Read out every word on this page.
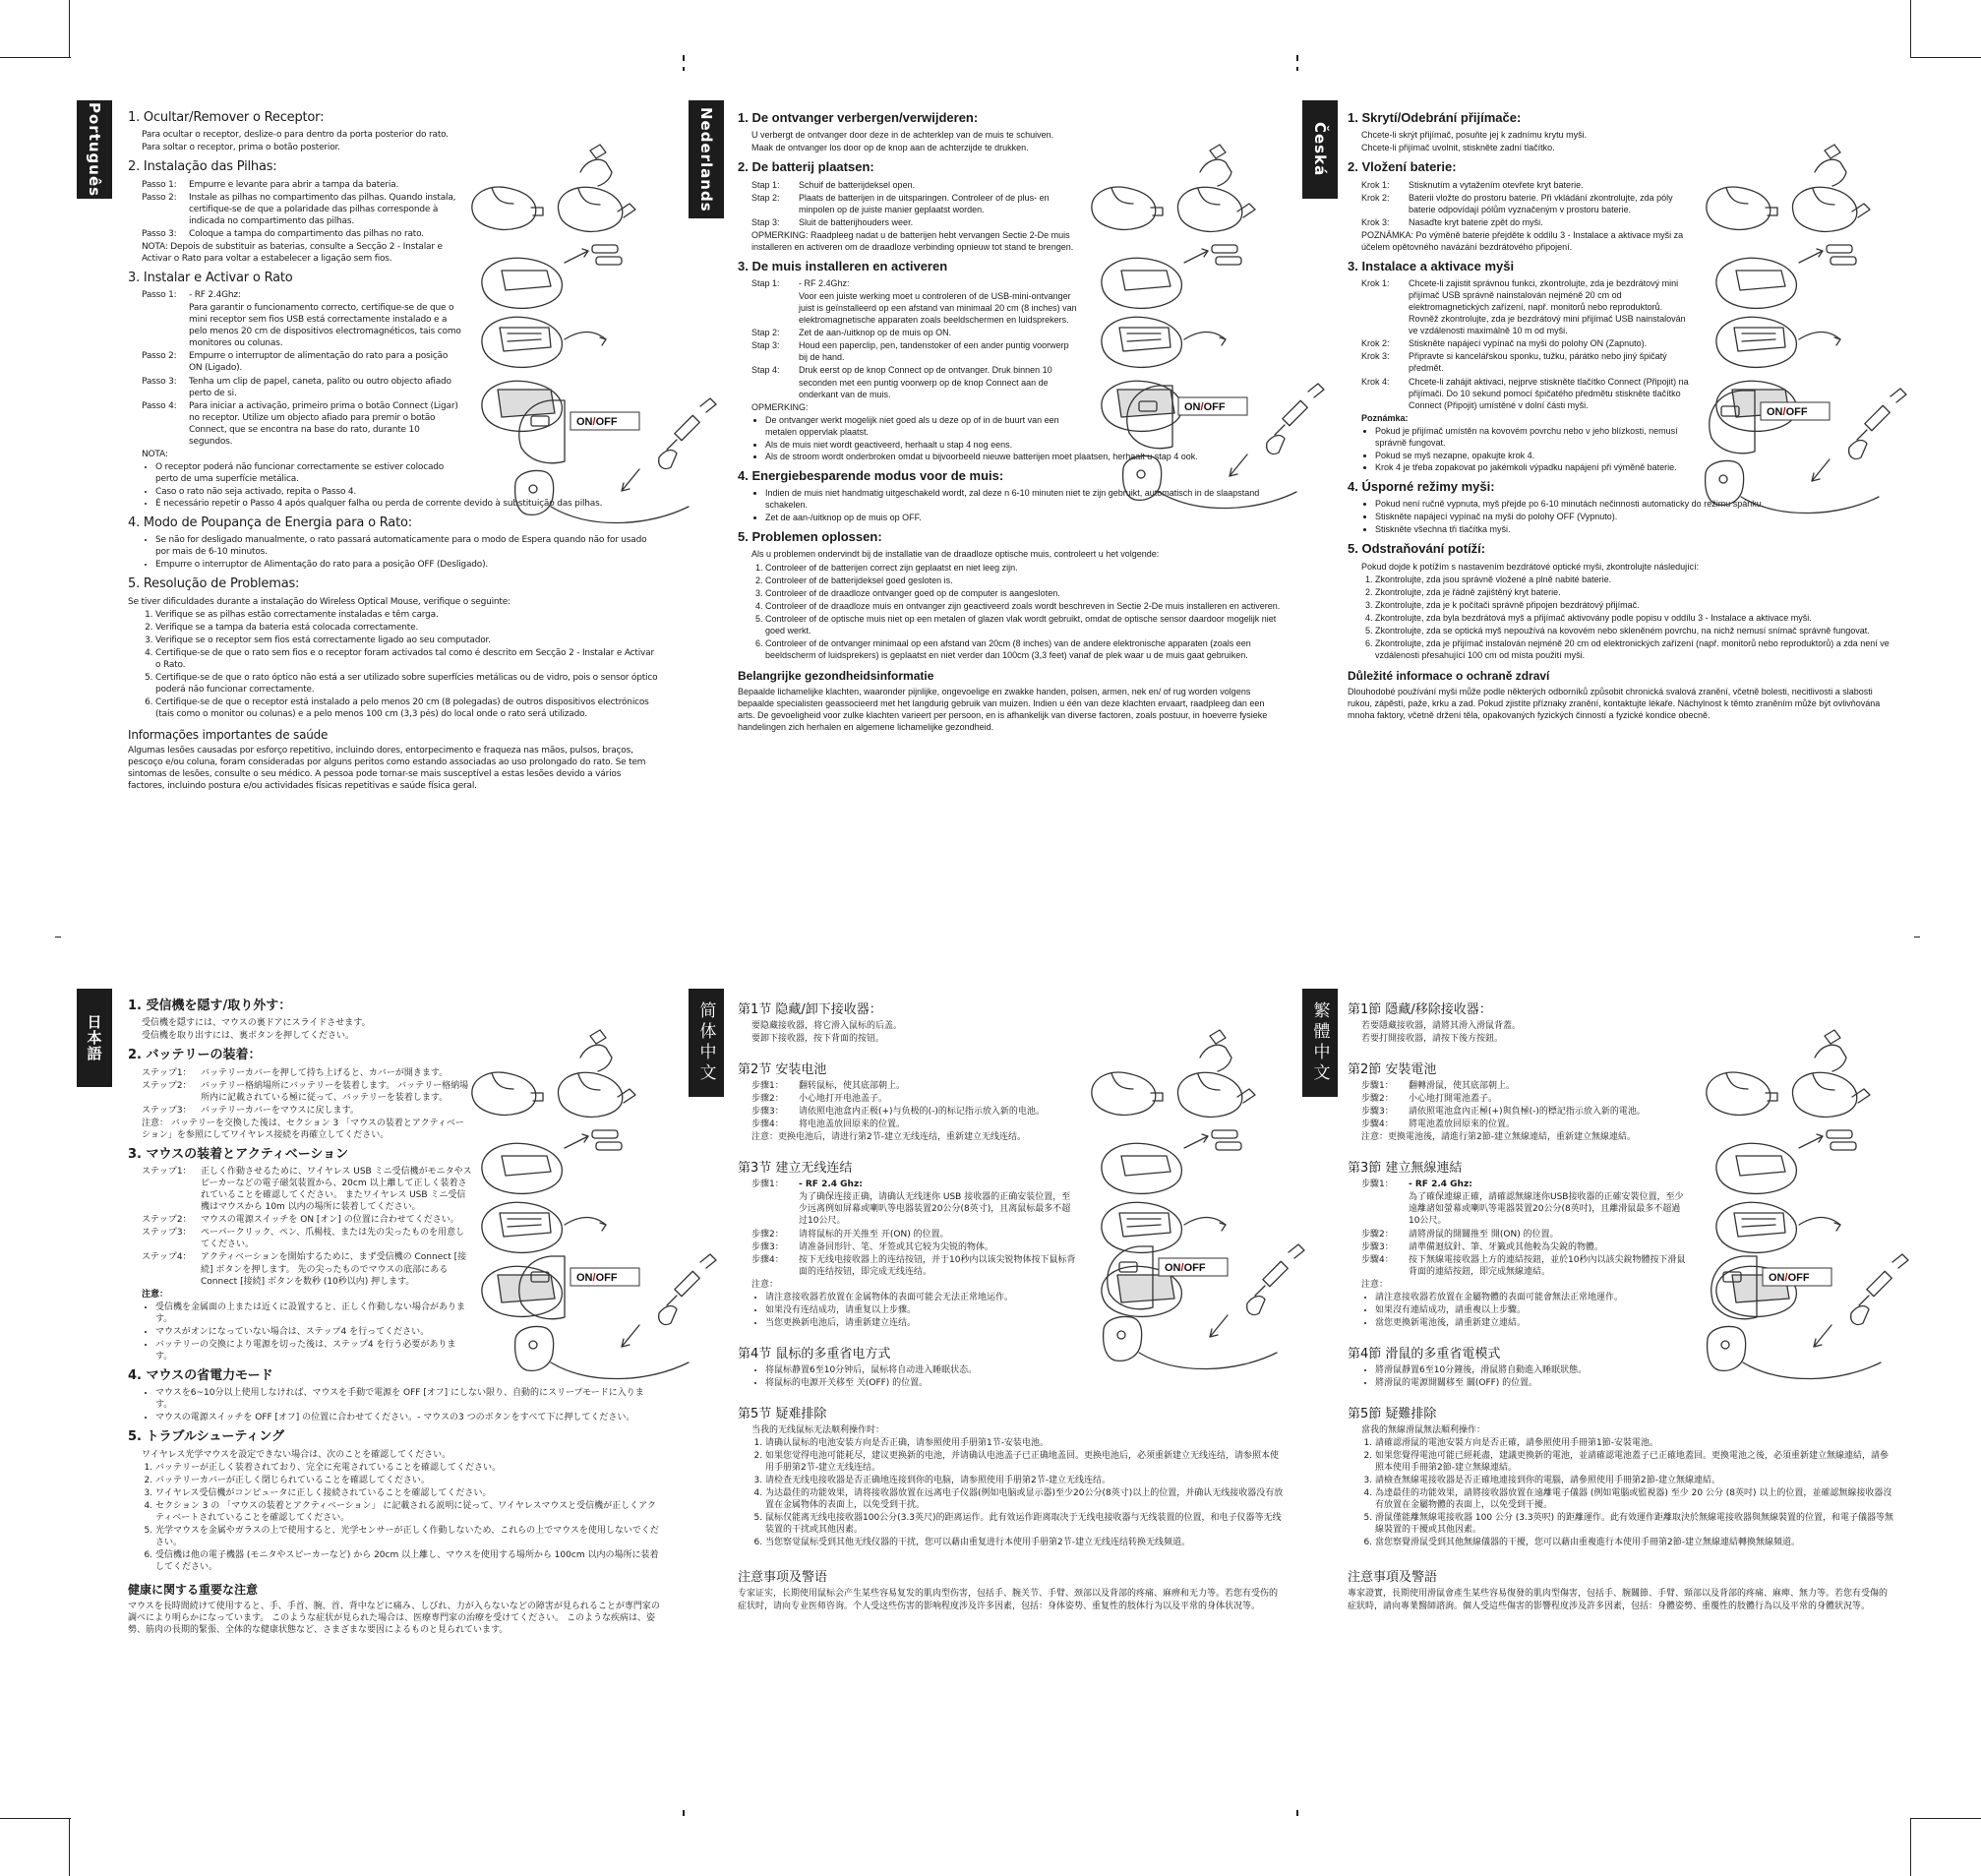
Português 1. Ocultar/Remover o Receptor:
Para ocultar o receptor, deslize-o para dentro da porta posterior do rato.
Para soltar o receptor, prima o botão posterior.
2. Instalação das Pilhas:
Passo 1:	Empurre e levante para abrir a tampa da bateria.
Passo 2:	Instale as pilhas no compartimento das pilhas. Quando instala, certifique-se de que a polaridade das pilhas corresponde à indicada no compartimento das pilhas.
Passo 3:	Coloque a tampa do compartimento das pilhas no rato.
NOTA: Depois de substituir as baterias, consulte a Secção 2 - Instalar e Activar o Rato para voltar a estabelecer a ligação sem fios.
3. Instalar e Activar o Rato
Passo 1:	- RF 2.4Ghz:
Para garantir o funcionamento correcto, certifique-se de que o mini receptor sem fios USB está correctamente instalado e a pelo menos 20 cm de dispositivos electromagnéticos, tais como monitores ou colunas.
Passo 2:	Empurre o interruptor de alimentação do rato para a posição ON (Ligado).
Passo 3:	Tenha um clip de papel, caneta, palito ou outro objecto afiado perto de si.
Passo 4:	Para iniciar a activação, primeiro prima o botão Connect (Ligar) no receptor. Utilize um objecto afiado para premir o botão Connect, que se encontra na base do rato, durante 10 segundos.
NOTA:
• O receptor poderá não funcionar correctamente se estiver colocado perto de uma superfície metálica.
• Caso o rato não seja activado, repita o Passo 4.
• É necessário repetir o Passo 4 após qualquer falha ou perda de corrente devido à substituição das pilhas.
4. Modo de Poupança de Energia para o Rato:
• Se não for desligado manualmente, o rato passará automaticamente para o modo de Espera quando não for usado por mais de 6-10 minutos.
• Empurre o interruptor de Alimentação do rato para a posição OFF (Desligado).
5. Resolução de Problemas:
Se tiver dificuldades durante a instalação do Wireless Optical Mouse, verifique o seguinte:
1. Verifique se as pilhas estão correctamente instaladas e têm carga.
2. Verifique se a tampa da bateria está colocada correctamente.
3. Verifique se o receptor sem fios está correctamente ligado ao seu computador.
4. Certifique-se de que o rato sem fios e o receptor foram activados tal como é descrito em Secção 2 - Instalar e Activar o Rato.
5. Certifique-se de que o rato óptico não está a ser utilizado sobre superfícies metálicas ou de vidro, pois o sensor óptico poderá não funcionar correctamente.
6. Certifique-se de que o receptor está instalado a pelo menos 20 cm (8 polegadas) de outros dispositivos electrónicos (tais como o monitor ou colunas) e a pelo menos 100 cm (3,3 pés) do local onde o rato será utilizado.
Informações importantes de saúde
Algumas lesões causadas por esforço repetitivo, incluindo dores, entorpecimento e fraqueza nas mãos, pulsos, braços, pescoço e/ou coluna, foram consideradas por alguns peritos como estando associadas ao uso prolongado do rato. Se tem sintomas de lesões, consulte o seu médico. A pessoa pode tornar-se mais susceptível a estas lesões devido a vários factores, incluindo postura e/ou actividades físicas repetitivas e saúde física geral.
Nederlands 1. De ontvanger verbergen/verwijderen:
U verbergt de ontvanger door deze in de achterklep van de muis te schuiven.
Maak de ontvanger los door op de knop aan de achterzijde te drukken.
2. De batterij plaatsen:
Stap 1:	Schuif de batterijdeksel open.
Stap 2:	Plaats de batterijen in de uitsparingen. Controleer of de plus- en minpolen op de juiste manier geplaatst worden.
Stap 3:	Sluit de batterijhouders weer.
OPMERKING: Raadpleeg nadat u de batterijen hebt vervangen Sectie 2-De muis installeren en activeren om de draadloze verbinding opnieuw tot stand te brengen.
3. De muis installeren en activeren
Stap 1:	- RF 2.4Ghz:
Voor een juiste werking moet u controleren of de USB-mini-ontvanger juist is geïnstalleerd op een afstand van minimaal 20 cm (8 inches) van elektromagnetische apparaten zoals beeldschermen en luidsprekers.
Stap 2:	Zet de aan-/uitknop op de muis op ON.
Stap 3:	Houd een paperclip, pen, tandenstoker of een ander puntig voorwerp bij de hand.
Stap 4:	Druk eerst op de knop Connect op de ontvanger. Druk binnen 10 seconden met een puntig voorwerp op de knop Connect aan de onderkant van de muis.
OPMERKING:
• De ontvanger werkt mogelijk niet goed als u deze op of in de buurt van een metalen oppervlak plaatst.
• Als de muis niet wordt geactiveerd, herhaalt u stap 4 nog eens.
• Als de stroom wordt onderbroken omdat u bijvoorbeeld nieuwe batterijen moet plaatsen, herhaalt u stap 4 ook.
4. Energiebesparende modus voor de muis:
• Indien de muis niet handmatig uitgeschakeld wordt, zal deze n 6-10 minuten niet te zijn gebruikt, automatisch in de slaapstand schakelen.
• Zet de aan-/uitknop op de muis op OFF.
5. Problemen oplossen:
Als u problemen ondervindt bij de installatie van de draadloze optische muis, controleert u het volgende:
1. Controleer of de batterijen correct zijn geplaatst en niet leeg zijn.
2. Controleer of de batterijdeksel goed gesloten is.
3. Controleer of de draadloze ontvanger goed op de computer is aangesloten.
4. Controleer of de draadloze muis en ontvanger zijn geactiveerd zoals wordt beschreven in Sectie 2-De muis installeren en activeren.
5. Controleer of de optische muis niet op een metalen of glazen vlak wordt gebruikt, omdat de optische sensor daardoor mogelijk niet goed werkt.
6. Controleer of de ontvanger minimaal op een afstand van 20cm (8 inches) van de andere elektronische apparaten (zoals een beeldscherm of luidsprekers) is geplaatst en niet verder dan 100cm (3,3 feet) vanaf de plek waar u de muis gaat gebruiken.
Belangrijke gezondheidsinformatie
Bepaalde lichamelijke klachten, waaronder pijnlijke, ongevoelige en zwakke handen, polsen, armen, nek en/ of rug worden volgens bepaalde specialisten geassocieerd met het langdurig gebruik van muizen. Indien u één van deze klachten ervaart, raadpleeg dan een arts. De gevoeligheid voor zulke klachten varieert per persoon, en is afhankelijk van diverse factoren, zoals postuur, in hoeverre fysieke handelingen zich herhalen en algemene lichamelijke gezondheid.
Česká
1. Skrytí/Odebrání přijímače:
Chcete-li skrýt přijímač, posuňte jej k zadnímu krytu myši.
Chcete-li přijímač uvolnit, stiskněte zadní tlačítko.
2. Vložení baterie:
Krok 1:	Stisknutím a vytažením otevřete kryt baterie.
Krok 2:	Baterii vložte do prostoru baterie. Při vkládání zkontrolujte, zda póly baterie odpovídají pólům vyznačeným v prostoru baterie.
Krok 3:	Nasaďte kryt baterie zpět do myši.
POZNÁMKA: Po výměně baterie přejděte k oddílu 3 - Instalace a aktivace myši za účelem opětovného navázání bezdrátového připojení.
3. Instalace a aktivace myši
Krok 1:	Chcete-li zajistit správnou funkci, zkontrolujte, zda je bezdrátový mini přijímač USB správně nainstalován nejméně 20 cm od elektromagnetických zařízení, např. monitorů nebo reproduktorů. Rovněž zkontrolujte, zda je bezdrátový mini přijímač USB nainstalován ve vzdálenosti maximálně 10 m od myši.
Krok 2:	Stiskněte napájecí vypínač na myši do polohy ON (Zapnuto).
Krok 3:	Připravte si kancelářskou sponku, tužku, párátko nebo jiný špičatý předmět.
Krok 4:	Chcete-li zahájit aktivaci, nejprve stiskněte tlačítko Connect (Připojit) na přijímači. Do 10 sekund pomocí špičatého předmětu stiskněte tlačítko Connect (Připojit) umístěné v dolní části myši.
Poznámka:
• Pokud je přijímač umístěn na kovovém povrchu nebo v jeho blízkosti, nemusí správně fungovat.
• Pokud se myš nezapne, opakujte krok 4.
• Krok 4 je třeba zopakovat po jakémkoli výpadku napájení při výměně baterie.
4. Úsporné režimy myši:
• Pokud není ručně vypnuta, myš přejde po 6-10 minutách nečinnosti automaticky do režimu spánku.
• Stiskněte napájecí vypínač na myši do polohy OFF (Vypnuto).
• Stiskněte všechna tři tlačítka myši.
5. Odstraňování potíží:
Pokud dojde k potížím s nastavením bezdrátové optické myši, zkontrolujte následující:
1. Zkontrolujte, zda jsou správně vložené a plně nabité baterie.
2. Zkontrolujte, zda je řádně zajištěný kryt baterie.
3. Zkontrolujte, zda je k počítači správně připojen bezdrátový přijímač.
4. Zkontrolujte, zda byla bezdrátová myš a přijímač aktivovány podle popisu v oddílu 3 - Instalace a aktivace myši.
5. Zkontrolujte, zda se optická myš nepoužívá na kovovém nebo skleněném povrchu, na nichž nemusí snímač správně fungovat.
6. Zkontrolujte, zda je přijímač instalován nejméně 20 cm od elektronických zařízení (např. monitorů nebo reproduktorů) a zda není ve vzdálenosti přesahující 100 cm od místa použití myši.
Důležité informace o ochraně zdraví
Dlouhodobé používání myši může podle některých odborníků způsobit chronická svalová zranění, včetně bolesti, necitlivosti a slabosti rukou, zápěstí, paže, krku a zad. Pokud zjistíte příznaky zranění, kontaktujte lékaře. Náchylnost k těmto zraněním může být ovlivňována mnoha faktory, včetně držení těla, opakovaných fyzických činností a fyzické kondice obecně.
日本語
1. 受信機を隠す/取り外す：
受信機を隠すには、マウスの裏ドアにスライドさせます。
受信機を取り出すには、裏ボタンを押してください。
2. バッテリーの装着：
ステップ1：	バッテリーカバーを押して持ち上げると、カバーが開きます。
ステップ2：	バッテリー格納場所にバッテリーを装着します。 バッテリー格納場所内に記載されている極に従って、バッテリーを装着します。
ステップ3：	バッテリーカバーをマウスに戻します。
注意： バッテリーを交換した後は、セクション 3 「マウスの装着とアクティベーション」を参照にしてワイヤレス接続を再確立してください。
3. マウスの装着とアクティベーション
ステップ1：	正しく作動させるために、ワイヤレス USB ミニ受信機がモニタやスピーカーなどの電子磁気装置から、20cm 以上離して正しく装着されていることを確認してください。 またワイヤレス USB ミニ受信機はマウスから 10m 以内の場所に装着してください。
ステップ2：	マウスの電源スイッチを ON [オン] の位置に合わせてください。
ステップ3：	ペーパークリック、ペン、爪楊枝、または先の尖ったものを用意してください。
ステップ4：	アクティベーションを開始するために、まず受信機の Connect [接続] ボタンを押します。 先の尖ったものでマウスの底部にある Connect [接続] ボタンを数秒 (10秒以内) 押します。
注意：
• 受信機を金属面の上または近くに設置すると、正しく作動しない場合があります。
• マウスがオンになっていない場合は、ステップ4 を行ってください。
• バッテリーの交換により電源を切った後は、ステップ4 を行う必要があります。
4. マウスの省電力モード
• マウスを6~10分以上使用しなければ、マウスを手動で電源を OFF [オフ] にしない限り、自動的にスリープモードに入ります。
• マウスの電源スイッチを OFF [オフ] の位置に合わせてください。- マウスの3 つのボタンをすべて下に押してください。
5. トラブルシューティング
ワイヤレス光学マウスを設定できない場合は、次のことを確認してください。
1. バッテリーが正しく装着されており、完全に充電されていることを確認してください。
2. バッテリーカバーが正しく閉じられていることを確認してください。
3. ワイヤレス受信機がコンピュータに正しく接続されていることを確認してください。
4. セクション 3 の 「マウスの装着とアクティベーション」 に記載される説明に従って、ワイヤレスマウスと受信機が正しくアクティベートされていることを確認してください。
5. 光学マウスを金属やガラスの上で使用すると、光学センサーが正しく作動しないため、これらの上でマウスを使用しないでください。
6. 受信機は他の電子機器 (モニタやスピーカーなど) から 20cm 以上離し、マウスを使用する場所から 100cm 以内の場所に装着してください。
健康に関する重要な注意
マウスを長時間続けて使用すると、手、手首、腕、首、背中などに痛み、しびれ、力が入らないなどの障害が見られることが専門家の調べにより明らかになっています。 このような症状が見られた場合は、医療専門家の治療を受けてください。 このような疾病は、姿勢、筋肉の長期的緊張、全体的な健康状態など、さまざまな要因によるものと見られています。
简体中文 第1节 隐藏/卸下接收器：
要隐藏接收器，将它滑入鼠标的后盖。
要卸下接收器，按下背面的按钮。
第2节 安装电池
步骤1：	翻转鼠标，使其底部朝上。
步骤2：	小心地打开电池盖子。
步骤3：	请依照电池盒内正极(+)与负极的(-)的标记指示放入新的电池。
步骤4：	将电池盖放回原来的位置。
注意：更换电池后，请进行第2节-建立无线连结，重新建立无线连结。
第3节 建立无线连结
步骤1：	- RF 2.4 Ghz:
为了确保连接正确，请确认无线迷你 USB 接收器的正确安装位置，至少远离例如屏幕或喇叭等电器装置20公分(8英寸)，且离鼠标最多不超过10公尺。
步骤2：	请将鼠标的开关推至 开(ON) 的位置。
步骤3：	请准备回形针、笔、牙签或其它较为尖锐的物体。
步骤4：	按下无线电接收器上的连结按钮，并于10秒内以该尖锐物体按下鼠标背面的连结按钮，即完成无线连结。
注意：
• 请注意接收器若放置在金属物体的表面可能会无法正常地运作。
• 如果没有连结成功，请重复以上步骤。
• 当您更换新电池后，请重新建立连结。
第4节 鼠标的多重省电方式
• 将鼠标静置6至10分钟后，鼠标将自动进入睡眠状态。
• 将鼠标的电源开关移至 关(OFF) 的位置。
第5节 疑难排除
当我的无线鼠标无法顺利操作时：
1. 请确认鼠标的电池安装方向是否正确，请参照使用手册第1节-安装电池。
2. 如果您觉得电池可能耗尽，建议更换新的电池，并请确认电池盖子已正确地盖回。更换电池后，必须重新建立无线连结，请参照本使用手册第2节-建立无线连结。
3. 请检查无线电接收器是否正确地连接到你的电脑，请参照使用手册第2节-建立无线连结。
4. 为达最佳的功能效果，请将接收器放置在远离电子仪器(例如电脑或显示器)至少20公分(8英寸)以上的位置，并确认无线接收器没有放置在金属物体的表面上，以免受到干扰。
5. 鼠标仅能离无线电接收器100公分(3.3英尺)的距离运作。此有效运作距离取决于无线电接收器与无线装置的位置，和电子仪器等无线装置的干扰或其他因素。
6. 当您察觉鼠标受到其他无线仪器的干扰，您可以藉由重复进行本使用手册第2节-建立无线连结转换无线频道。
注意事项及警语
专家证实，长期使用鼠标会产生某些容易复发的肌肉型伤害，包括手、腕关节、手臂、颈部以及背部的疼痛、麻痹和无力等。若您有受伤的症状时，请向专业医师咨询。个人受这些伤害的影响程度涉及许多因素，包括：身体姿势、重复性的肢体行为以及平常的身体状况等。
繁體中文 第1節 隱藏/移除接收器：
若要隱藏接收器，請將其滑入滑鼠背蓋。
若要打開接收器，請按下後方按鈕。
第2節 安裝電池
步驟1：	翻轉滑鼠，使其底部朝上。
步驟2：	小心地打開電池蓋子。
步驟3：	請依照電池盒內正極(+)與負極(-)的標記指示放入新的電池。
步驟4：	將電池蓋放回原來的位置。
注意：更換電池後，請進行第2節-建立無線連結，重新建立無線連結。
第3節 建立無線連結
步驟1：	- RF 2.4 Ghz:
為了確保連線正確，請確認無線迷你USB接收器的正確安裝位置，至少遠離諸如螢幕或喇叭等電器裝置20公分(8英吋)，且離滑鼠最多不超過10公尺。
步驟2：	請將滑鼠的開關推至 開(ON) 的位置。
步驟3：	請準備迴紋針、筆、牙籤或其他較為尖銳的物體。
步驟4：	按下無線電接收器上方的連結按鈕，並於10秒內以該尖銳物體按下滑鼠背面的連結按鈕，即完成無線連結。
注意：
• 請注意接收器若放置在金屬物體的表面可能會無法正常地運作。
• 如果沒有連結成功，請重複以上步驟。
• 當您更換新電池後，請重新建立連結。
第4節 滑鼠的多重省電模式
• 將滑鼠靜置6至10分鐘後，滑鼠將自動進入睡眠狀態。
• 將滑鼠的電源開關移至 關(OFF) 的位置。
第5節 疑難排除
當我的無線滑鼠無法順利操作：
1. 請確認滑鼠的電池安裝方向是否正確，請參照使用手冊第1節-安裝電池。
2. 如果您覺得電池可能已經耗盡，建議更換新的電池，並請確認電池蓋子已正確地蓋回。更換電池之後，必須重新建立無線連結，請參照本使用手冊第2節-建立無線連結。
3. 請檢查無線電接收器是否正確地連接到你的電腦，請參照使用手冊第2節-建立無線連結。
4. 為達最佳的功能效果，請將接收器放置在遠離電子儀器 (例如電腦或監視器) 至少 20 公分 (8英吋) 以上的位置，並確認無線接收器沒有放置在金屬物體的表面上，以免受到干擾。
5. 滑鼠僅能離無線電接收器 100 公分 (3.3英呎) 的距離運作。此有效運作距離取決於無線電接收器與無線裝置的位置，和電子儀器等無線裝置的干擾或其他因素。
6. 當您察覺滑鼠受到其他無線儀器的干擾，您可以藉由重複進行本使用手冊第2節-建立無線連結轉換無線頻道。
注意事項及警語
專家證實，長期使用滑鼠會產生某些容易復發的肌肉型傷害，包括手、腕關節、手臂、頸部以及背部的疼痛、麻痺、無力等。若您有受傷的症狀時，請向專業醫師諮詢。個人受這些傷害的影響程度涉及許多因素，包括：身體姿勢、重覆性的肢體行為以及平常的身體狀況等。
ON/OFF
ON/OFF	ON/OFF
ON/OFF
ON/OFF
ON/OFF
